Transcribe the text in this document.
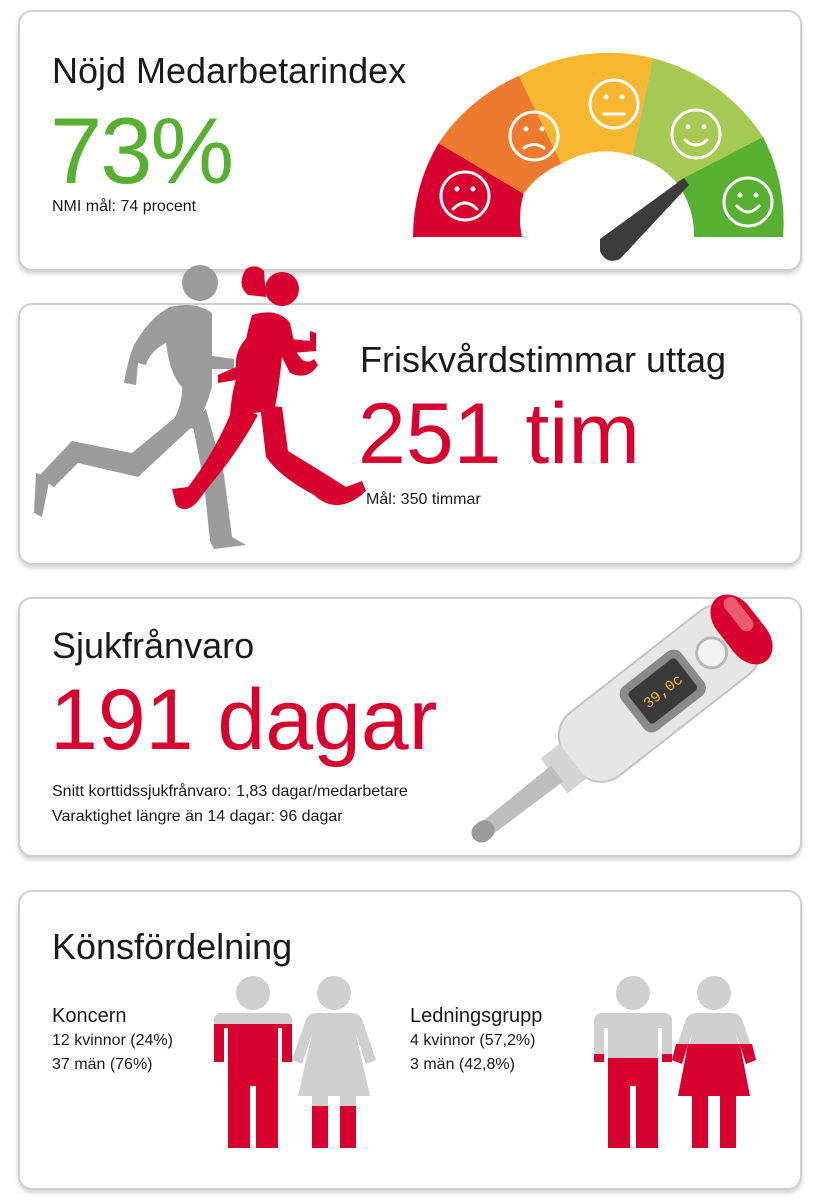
Nöjd Medarbetarindex
73%
NMI mål: 74 procent
Friskvårdstimmar uttag
251 tim
Mål: 350 timmar
Sjukfrånvaro
191 dagar
Snitt korttidssjukfrånvaro: 1,83 dagar/medarbetare
Varaktighet längre än 14 dagar: 96 dagar
39,0c
Könsfördelning
Koncern
12 kvinnor (24%)
37 män (76%)
Ledningsgrupp
4 kvinnor (57,2%)
3 män (42,8%)
